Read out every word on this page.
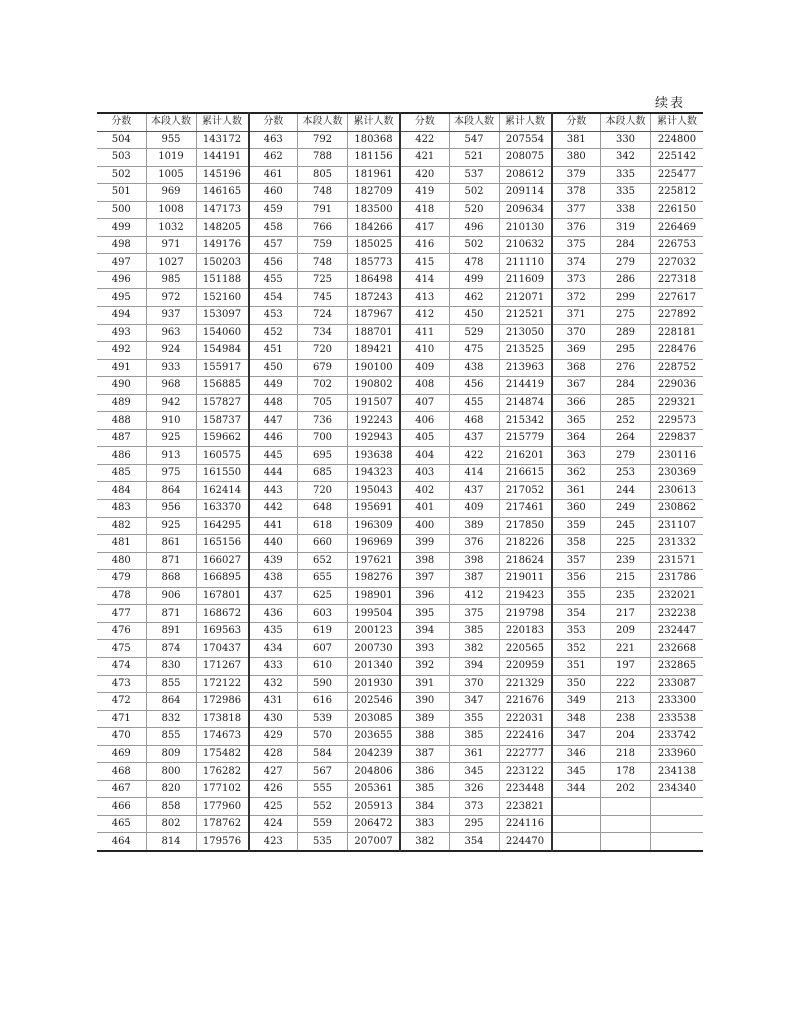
续表
分数	本段人数	累计人数	分数	本段人数	累计人数	分数	本段人数	累计人数	分数	本段人数	累计人数
504	955	143172	463	792	180368	422	547	207554	381	330	224800
503	1019	144191	462	788	181156	421	521	208075	380	342	225142
502	1005	145196	461	805	181961	420	537	208612	379	335	225477
501	969	146165	460	748	182709	419	502	209114	378	335	225812
500	1008	147173	459	791	183500	418	520	209634	377	338	226150
499	1032	148205	458	766	184266	417	496	210130	376	319	226469
498	971	149176	457	759	185025	416	502	210632	375	284	226753
497	1027	150203	456	748	185773	415	478	211110	374	279	227032
496	985	151188	455	725	186498	414	499	211609	373	286	227318
495	972	152160	454	745	187243	413	462	212071	372	299	227617
494	937	153097	453	724	187967	412	450	212521	371	275	227892
493	963	154060	452	734	188701	411	529	213050	370	289	228181
492	924	154984	451	720	189421	410	475	213525	369	295	228476
491	933	155917	450	679	190100	409	438	213963	368	276	228752
490	968	156885	449	702	190802	408	456	214419	367	284	229036
489	942	157827	448	705	191507	407	455	214874	366	285	229321
488	910	158737	447	736	192243	406	468	215342	365	252	229573
487	925	159662	446	700	192943	405	437	215779	364	264	229837
486	913	160575	445	695	193638	404	422	216201	363	279	230116
485	975	161550	444	685	194323	403	414	216615	362	253	230369
484	864	162414	443	720	195043	402	437	217052	361	244	230613
483	956	163370	442	648	195691	401	409	217461	360	249	230862
482	925	164295	441	618	196309	400	389	217850	359	245	231107
481	861	165156	440	660	196969	399	376	218226	358	225	231332
480	871	166027	439	652	197621	398	398	218624	357	239	231571
479	868	166895	438	655	198276	397	387	219011	356	215	231786
478	906	167801	437	625	198901	396	412	219423	355	235	232021
477	871	168672	436	603	199504	395	375	219798	354	217	232238
476	891	169563	435	619	200123	394	385	220183	353	209	232447
475	874	170437	434	607	200730	393	382	220565	352	221	232668
474	830	171267	433	610	201340	392	394	220959	351	197	232865
473	855	172122	432	590	201930	391	370	221329	350	222	233087
472	864	172986	431	616	202546	390	347	221676	349	213	233300
471	832	173818	430	539	203085	389	355	222031	348	238	233538
470	855	174673	429	570	203655	388	385	222416	347	204	233742
469	809	175482	428	584	204239	387	361	222777	346	218	233960
468	800	176282	427	567	204806	386	345	223122	345	178	234138
467	820	177102	426	555	205361	385	326	223448	344	202	234340
466	858	177960	425	552	205913	384	373	223821			
465	802	178762	424	559	206472	383	295	224116			
464	814	179576	423	535	207007	382	354	224470			
